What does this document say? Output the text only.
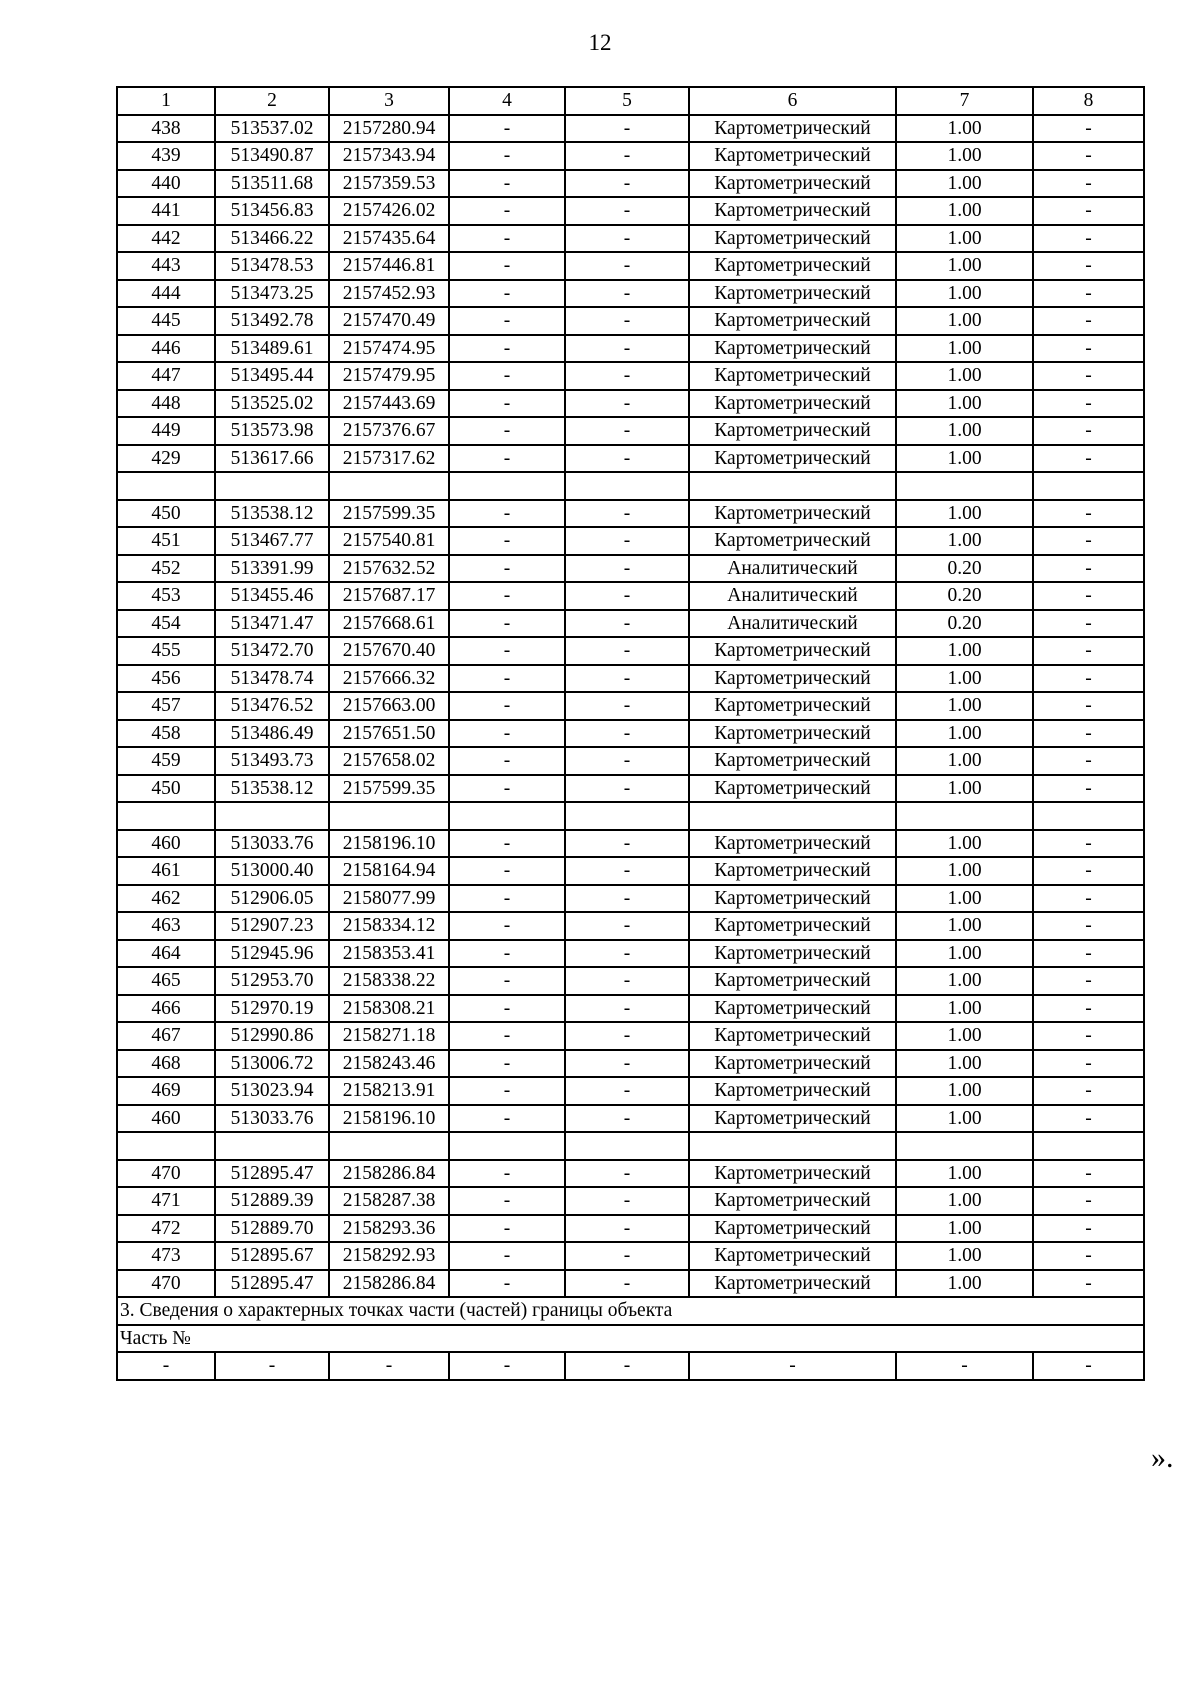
12
1	2	3	4	5	6	7	8
438	513537.02	2157280.94	-	-	Картометрический	1.00	-
439	513490.87	2157343.94	-	-	Картометрический	1.00	-
440	513511.68	2157359.53	-	-	Картометрический	1.00	-
441	513456.83	2157426.02	-	-	Картометрический	1.00	-
442	513466.22	2157435.64	-	-	Картометрический	1.00	-
443	513478.53	2157446.81	-	-	Картометрический	1.00	-
444	513473.25	2157452.93	-	-	Картометрический	1.00	-
445	513492.78	2157470.49	-	-	Картометрический	1.00	-
446	513489.61	2157474.95	-	-	Картометрический	1.00	-
447	513495.44	2157479.95	-	-	Картометрический	1.00	-
448	513525.02	2157443.69	-	-	Картометрический	1.00	-
449	513573.98	2157376.67	-	-	Картометрический	1.00	-
429	513617.66	2157317.62	-	-	Картометрический	1.00	-

450	513538.12	2157599.35	-	-	Картометрический	1.00	-
451	513467.77	2157540.81	-	-	Картометрический	1.00	-
452	513391.99	2157632.52	-	-	Аналитический	0.20	-
453	513455.46	2157687.17	-	-	Аналитический	0.20	-
454	513471.47	2157668.61	-	-	Аналитический	0.20	-
455	513472.70	2157670.40	-	-	Картометрический	1.00	-
456	513478.74	2157666.32	-	-	Картометрический	1.00	-
457	513476.52	2157663.00	-	-	Картометрический	1.00	-
458	513486.49	2157651.50	-	-	Картометрический	1.00	-
459	513493.73	2157658.02	-	-	Картометрический	1.00	-
450	513538.12	2157599.35	-	-	Картометрический	1.00	-

460	513033.76	2158196.10	-	-	Картометрический	1.00	-
461	513000.40	2158164.94	-	-	Картометрический	1.00	-
462	512906.05	2158077.99	-	-	Картометрический	1.00	-
463	512907.23	2158334.12	-	-	Картометрический	1.00	-
464	512945.96	2158353.41	-	-	Картометрический	1.00	-
465	512953.70	2158338.22	-	-	Картометрический	1.00	-
466	512970.19	2158308.21	-	-	Картометрический	1.00	-
467	512990.86	2158271.18	-	-	Картометрический	1.00	-
468	513006.72	2158243.46	-	-	Картометрический	1.00	-
469	513023.94	2158213.91	-	-	Картометрический	1.00	-
460	513033.76	2158196.10	-	-	Картометрический	1.00	-

470	512895.47	2158286.84	-	-	Картометрический	1.00	-
471	512889.39	2158287.38	-	-	Картометрический	1.00	-
472	512889.70	2158293.36	-	-	Картометрический	1.00	-
473	512895.67	2158292.93	-	-	Картометрический	1.00	-
470	512895.47	2158286.84	-	-	Картометрический	1.00	-
3. Сведения о характерных точках части (частей) границы объекта							
Часть №							
-	-	-	-	-	-	-	-
».
